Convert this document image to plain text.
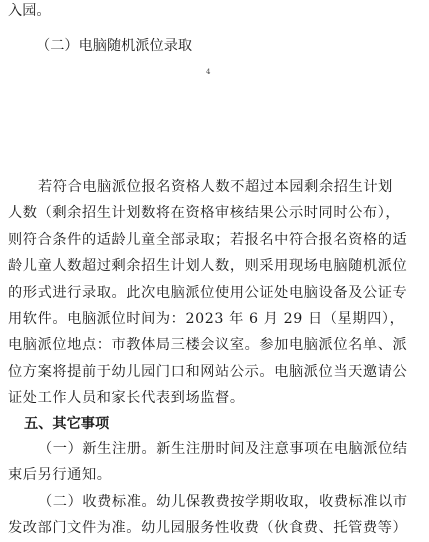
入园。
（二）电脑随机派位录取
4
若符合电脑派位报名资格人数不超过本园剩余招生计划
人数（剩余招生计划数将在资格审核结果公示时同时公布），
则符合条件的适龄儿童全部录取；若报名中符合报名资格的适
龄儿童人数超过剩余招生计划人数，则采用现场电脑随机派位
的形式进行录取。此次电脑派位使用公证处电脑设备及公证专
用软件。电脑派位时间为：2023 年 6 月 29 日（星期四），
电脑派位地点：市教体局三楼会议室。参加电脑派位名单、派
位方案将提前于幼儿园门口和网站公示。电脑派位当天邀请公
证处工作人员和家长代表到场监督。
五、其它事项
（一）新生注册。新生注册时间及注意事项在电脑派位结
束后另行通知。
（二）收费标准。幼儿保教费按学期收取，收费标准以市
发改部门文件为准。幼儿园服务性收费（伙食费、托管费等）
